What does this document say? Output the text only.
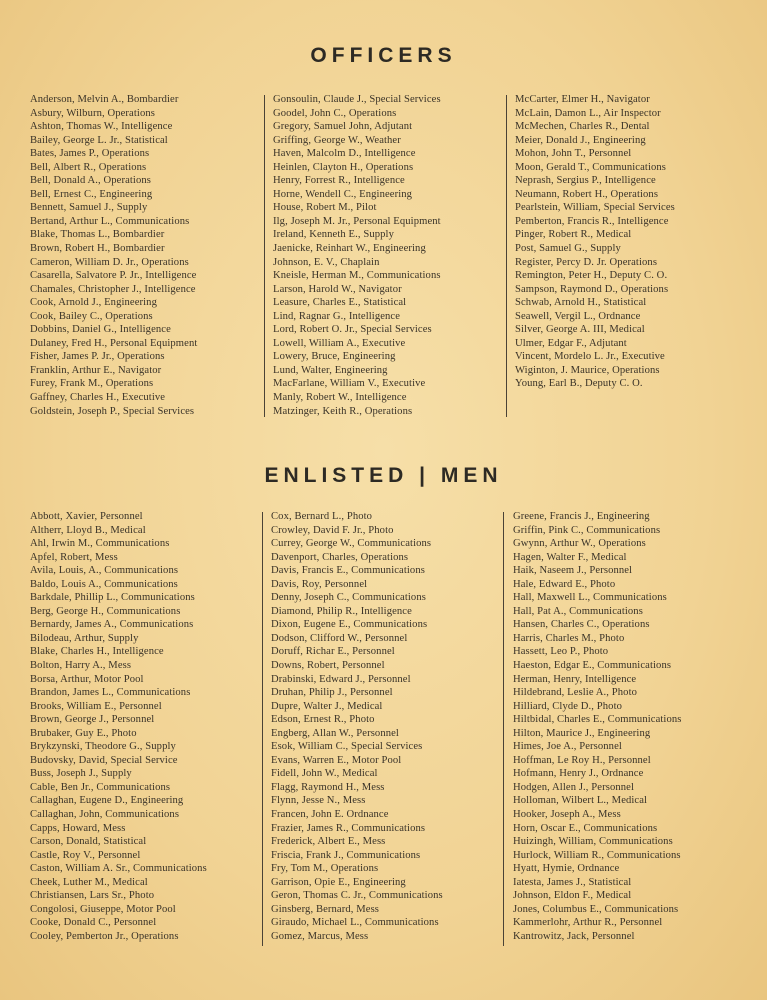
OFFICERS
Anderson, Melvin A., Bombardier
Asbury, Wilburn, Operations
Ashton, Thomas W., Intelligence
Bailey, George L. Jr., Statistical
Bates, James P., Operations
Bell, Albert R., Operations
Bell, Donald A., Operations
Bell, Ernest C., Engineering
Bennett, Samuel J., Supply
Bertand, Arthur L., Communications
Blake, Thomas L., Bombardier
Brown, Robert H., Bombardier
Cameron, William D. Jr., Operations
Casarella, Salvatore P. Jr., Intelligence
Chamales, Christopher J., Intelligence
Cook, Arnold J., Engineering
Cook, Bailey C., Operations
Dobbins, Daniel G., Intelligence
Dulaney, Fred H., Personal Equipment
Fisher, James P. Jr., Operations
Franklin, Arthur E., Navigator
Furey, Frank M., Operations
Gaffney, Charles H., Executive
Goldstein, Joseph P., Special Services
Gonsoulin, Claude J., Special Services
Goodel, John C., Operations
Gregory, Samuel John, Adjutant
Griffing, George W., Weather
Haven, Malcolm D., Intelligence
Heinlen, Clayton H., Operations
Henry, Forrest R., Intelligence
Horne, Wendell C., Engineering
House, Robert M., Pilot
Ilg, Joseph M. Jr., Personal Equipment
Ireland, Kenneth E., Supply
Jaenicke, Reinhart W., Engineering
Johnson, E. V., Chaplain
Kneisle, Herman M., Communications
Larson, Harold W., Navigator
Leasure, Charles E., Statistical
Lind, Ragnar G., Intelligence
Lord, Robert O. Jr., Special Services
Lowell, William A., Executive
Lowery, Bruce, Engineering
Lund, Walter, Engineering
MacFarlane, William V., Executive
Manly, Robert W., Intelligence
Matzinger, Keith R., Operations
McCarter, Elmer H., Navigator
McLain, Damon L., Air Inspector
McMechen, Charles R., Dental
Meier, Donald J., Engineering
Mohon, John T., Personnel
Moon, Gerald T., Communications
Neprash, Sergius P., Intelligence
Neumann, Robert H., Operations
Pearlstein, William, Special Services
Pemberton, Francis R., Intelligence
Pinger, Robert R., Medical
Post, Samuel G., Supply
Register, Percy D. Jr. Operations
Remington, Peter H., Deputy C. O.
Sampson, Raymond D., Operations
Schwab, Arnold H., Statistical
Seawell, Vergil L., Ordnance
Silver, George A. III, Medical
Ulmer, Edgar F., Adjutant
Vincent, Mordelo L. Jr., Executive
Wiginton, J. Maurice, Operations
Young, Earl B., Deputy C. O.
ENLISTED | MEN
Abbott, Xavier, Personnel
Altherr, Lloyd B., Medical
Ahl, Irwin M., Communications
Apfel, Robert, Mess
Avila, Louis, A., Communications
Baldo, Louis A., Communications
Barkdale, Phillip L., Communications
Berg, George H., Communications
Bernardy, James A., Communications
Bilodeau, Arthur, Supply
Blake, Charles H., Intelligence
Bolton, Harry A., Mess
Borsa, Arthur, Motor Pool
Brandon, James L., Communications
Brooks, William E., Personnel
Brown, George J., Personnel
Brubaker, Guy E., Photo
Brykzynski, Theodore G., Supply
Budovsky, David, Special Service
Buss, Joseph J., Supply
Cable, Ben Jr., Communications
Callaghan, Eugene D., Engineering
Callaghan, John, Communications
Capps, Howard, Mess
Carson, Donald, Statistical
Castle, Roy V., Personnel
Caston, William A. Sr., Communications
Cheek, Luther M., Medical
Christiansen, Lars Sr., Photo
Congolosi, Giuseppe, Motor Pool
Cooke, Donald C., Personnel
Cooley, Pemberton Jr., Operations
Cox, Bernard L., Photo
Crowley, David F. Jr., Photo
Currey, George W., Communications
Davenport, Charles, Operations
Davis, Francis E., Communications
Davis, Roy, Personnel
Denny, Joseph C., Communications
Diamond, Philip R., Intelligence
Dixon, Eugene E., Communications
Dodson, Clifford W., Personnel
Doruff, Richar E., Personnel
Downs, Robert, Personnel
Drabinski, Edward J., Personnel
Druhan, Philip J., Personnel
Dupre, Walter J., Medical
Edson, Ernest R., Photo
Engberg, Allan W., Personnel
Esok, William C., Special Services
Evans, Warren E., Motor Pool
Fidell, John W., Medical
Flagg, Raymond H., Mess
Flynn, Jesse N., Mess
Francen, John E. Ordnance
Frazier, James R., Communications
Frederick, Albert E., Mess
Friscia, Frank J., Communications
Fry, Tom M., Operations
Garrison, Opie E., Engineering
Geron, Thomas C. Jr., Communications
Ginsberg, Bernard, Mess
Giraudo, Michael L., Communications
Gomez, Marcus, Mess
Greene, Francis J., Engineering
Griffin, Pink C., Communications
Gwynn, Arthur W., Operations
Hagen, Walter F., Medical
Haik, Naseem J., Personnel
Hale, Edward E., Photo
Hall, Maxwell L., Communications
Hall, Pat A., Communications
Hansen, Charles C., Operations
Harris, Charles M., Photo
Hassett, Leo P., Photo
Haeston, Edgar E., Communications
Herman, Henry, Intelligence
Hildebrand, Leslie A., Photo
Hilliard, Clyde D., Photo
Hiltbidal, Charles E., Communications
Hilton, Maurice J., Engineering
Himes, Joe A., Personnel
Hoffman, Le Roy H., Personnel
Hofmann, Henry J., Ordnance
Hodgen, Allen J., Personnel
Holloman, Wilbert L., Medical
Hooker, Joseph A., Mess
Horn, Oscar E., Communications
Huizingh, William, Communications
Hurlock, William R., Communications
Hyatt, Hymie, Ordnance
Iatesta, James J., Statistical
Johnson, Eldon F., Medical
Jones, Columbus E., Communications
Kammerlohr, Arthur R., Personnel
Kantrowitz, Jack, Personnel
